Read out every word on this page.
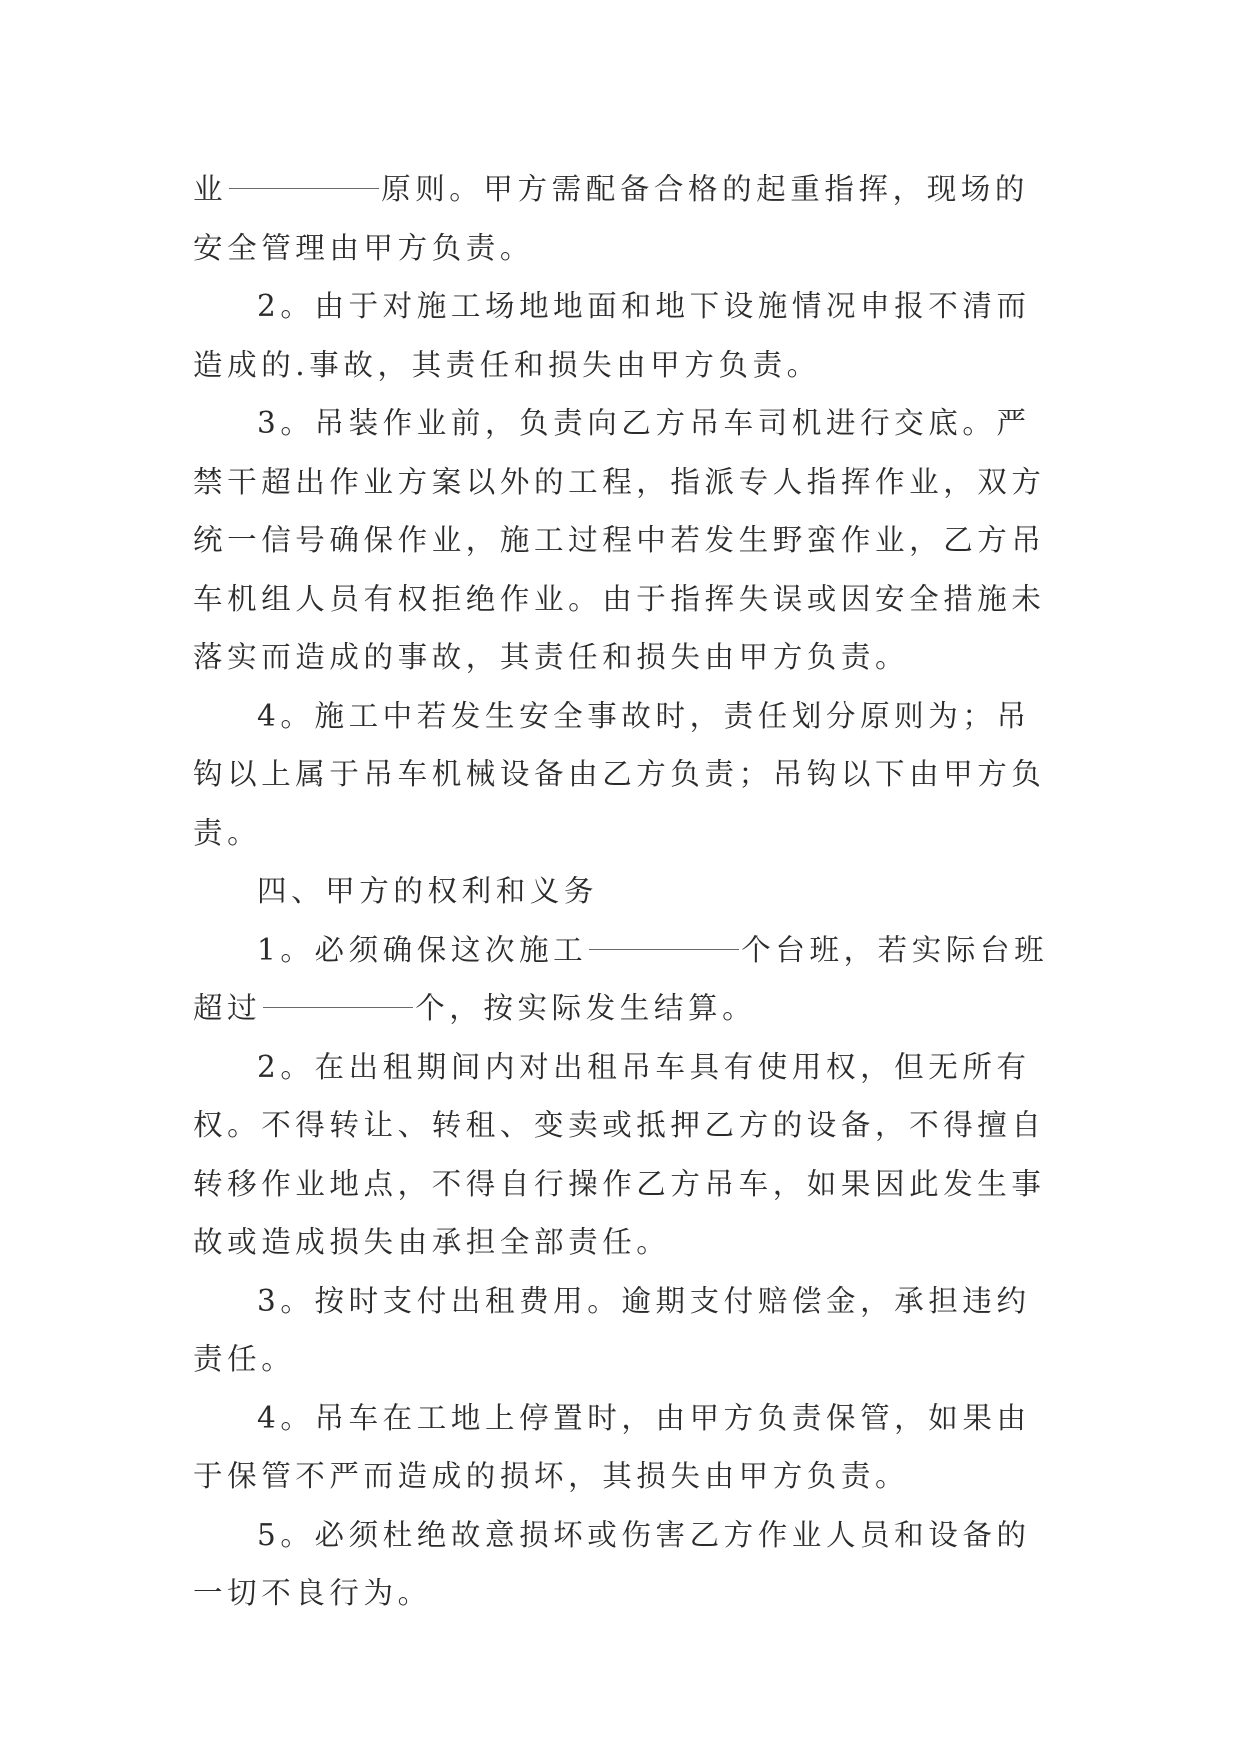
业	原则。甲方需配备合格的起重指挥，现场的安全管理由甲方负责。

2。由于对施工场地地面和地下设施情况申报不清而造成的.事故，其责任和损失由甲方负责。

3。吊装作业前，负责向乙方吊车司机进行交底。严禁干超出作业方案以外的工程，指派专人指挥作业，双方统一信号确保作业，施工过程中若发生野蛮作业，乙方吊车机组人员有权拒绝作业。由于指挥失误或因安全措施未落实而造成的事故，其责任和损失由甲方负责。

4。施工中若发生安全事故时，责任划分原则为；吊钩以上属于吊车机械设备由乙方负责；吊钩以下由甲方负责。

四、甲方的权利和义务

1。必须确保这次施工	个台班，若实际台班超过	个，按实际发生结算。

2。在出租期间内对出租吊车具有使用权，但无所有权。不得转让、转租、变卖或抵押乙方的设备，不得擅自转移作业地点，不得自行操作乙方吊车，如果因此发生事故或造成损失由承担全部责任。

3。按时支付出租费用。逾期支付赔偿金，承担违约责任。

4。吊车在工地上停置时，由甲方负责保管，如果由于保管不严而造成的损坏，其损失由甲方负责。

5。必须杜绝故意损坏或伤害乙方作业人员和设备的一切不良行为。
